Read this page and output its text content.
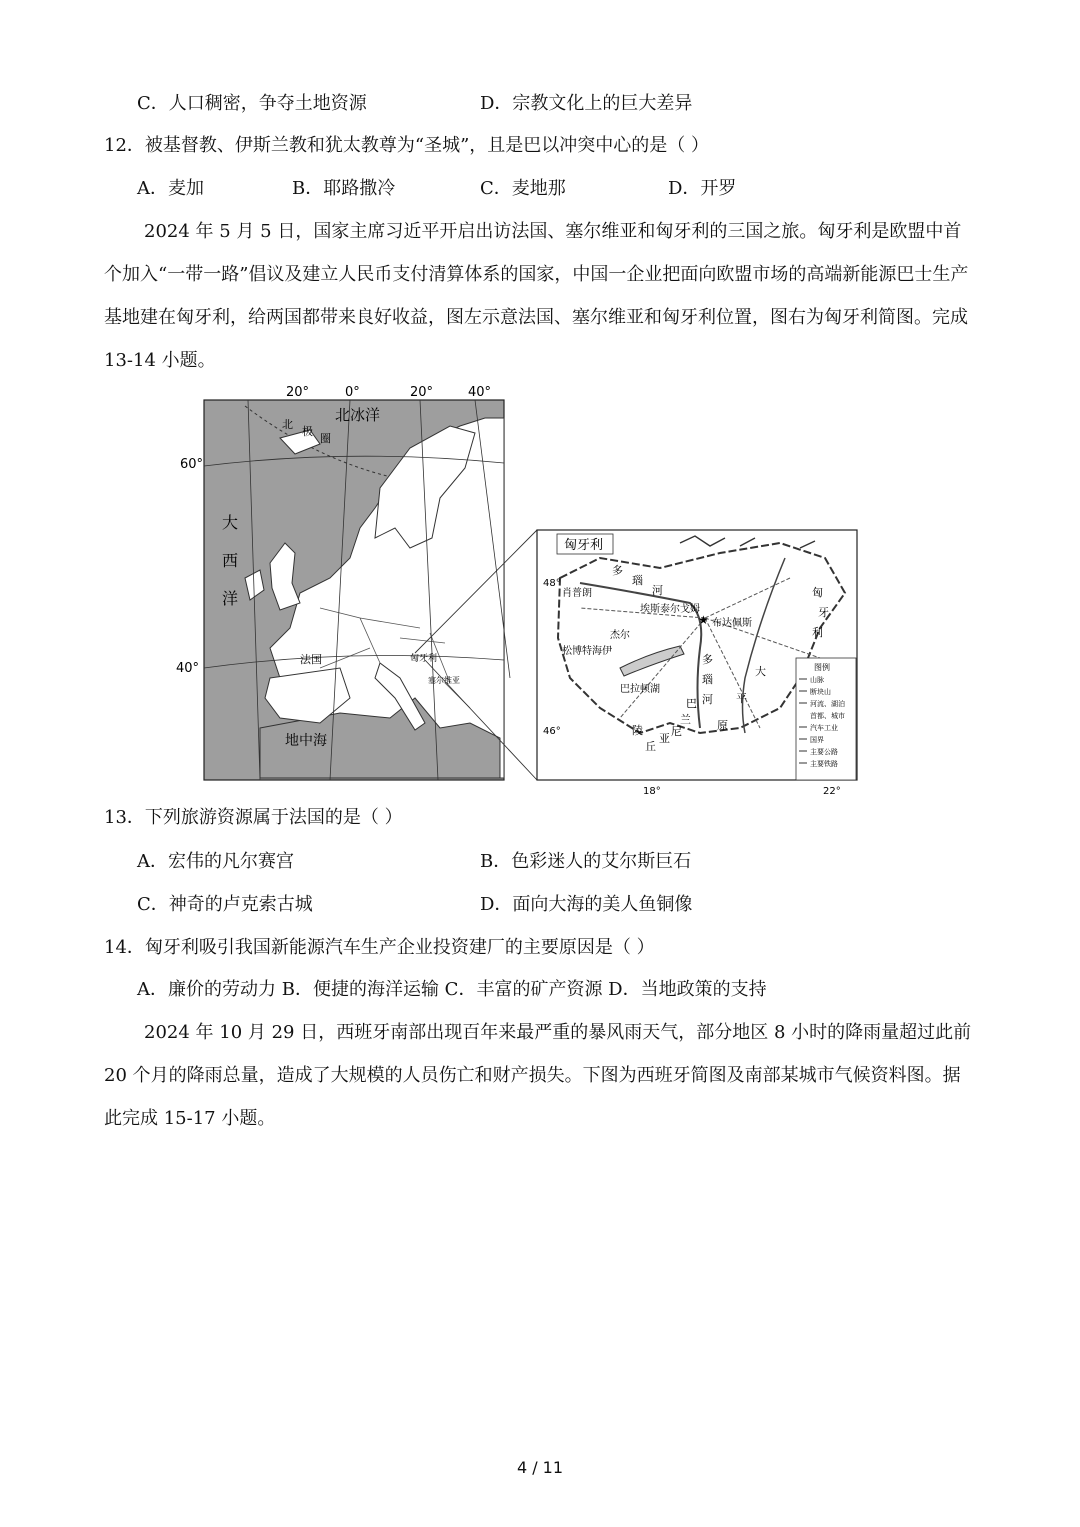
C．人口稠密，争夺土地资源	D．宗教文化上的巨大差异
12．被基督教、伊斯兰教和犹太教尊为“圣城”，且是巴以冲突中心的是（ ）
A．麦加	B．耶路撒冷	C．麦地那	D．开罗
2024 年 5 月 5 日，国家主席习近平开启出访法国、塞尔维亚和匈牙利的三国之旅。匈牙利是欧盟中首个加入“一带一路”倡议及建立人民币支付清算体系的国家，中国一企业把面向欧盟市场的高端新能源巴士生产基地建在匈牙利，给两国都带来良好收益，图左示意法国、塞尔维亚和匈牙利位置，图右为匈牙利简图。完成 13-14 小题。
20°	0°	20°	40°
60°
40°
北冰洋
北
极
圈
大
西
洋
法国	匈牙利
塞尔维亚
地中海
匈牙利
★
48°
46°
18°	22°
多
瑙
河
多
瑙
河
肖普朗
埃斯泰尔戈姆
杰尔
布达佩斯
松博特海伊
巴拉顿湖
大
平
原
匈
牙
利
陵
丘
亚
尼
兰
巴
图例
山脉
断块山
河流、湖泊
首都、城市
汽车工业
国界
主要公路
主要铁路
13．下列旅游资源属于法国的是（ ）
A．宏伟的凡尔赛宫	B．色彩迷人的艾尔斯巨石
C．神奇的卢克索古城	D．面向大海的美人鱼铜像
14．匈牙利吸引我国新能源汽车生产企业投资建厂的主要原因是（ ）
A．廉价的劳动力 B．便捷的海洋运输 C．丰富的矿产资源 D．当地政策的支持
2024 年 10 月 29 日，西班牙南部出现百年来最严重的暴风雨天气，部分地区 8 小时的降雨量超过此前 20 个月的降雨总量，造成了大规模的人员伤亡和财产损失。下图为西班牙简图及南部某城市气候资料图。据此完成 15-17 小题。
4 / 11
